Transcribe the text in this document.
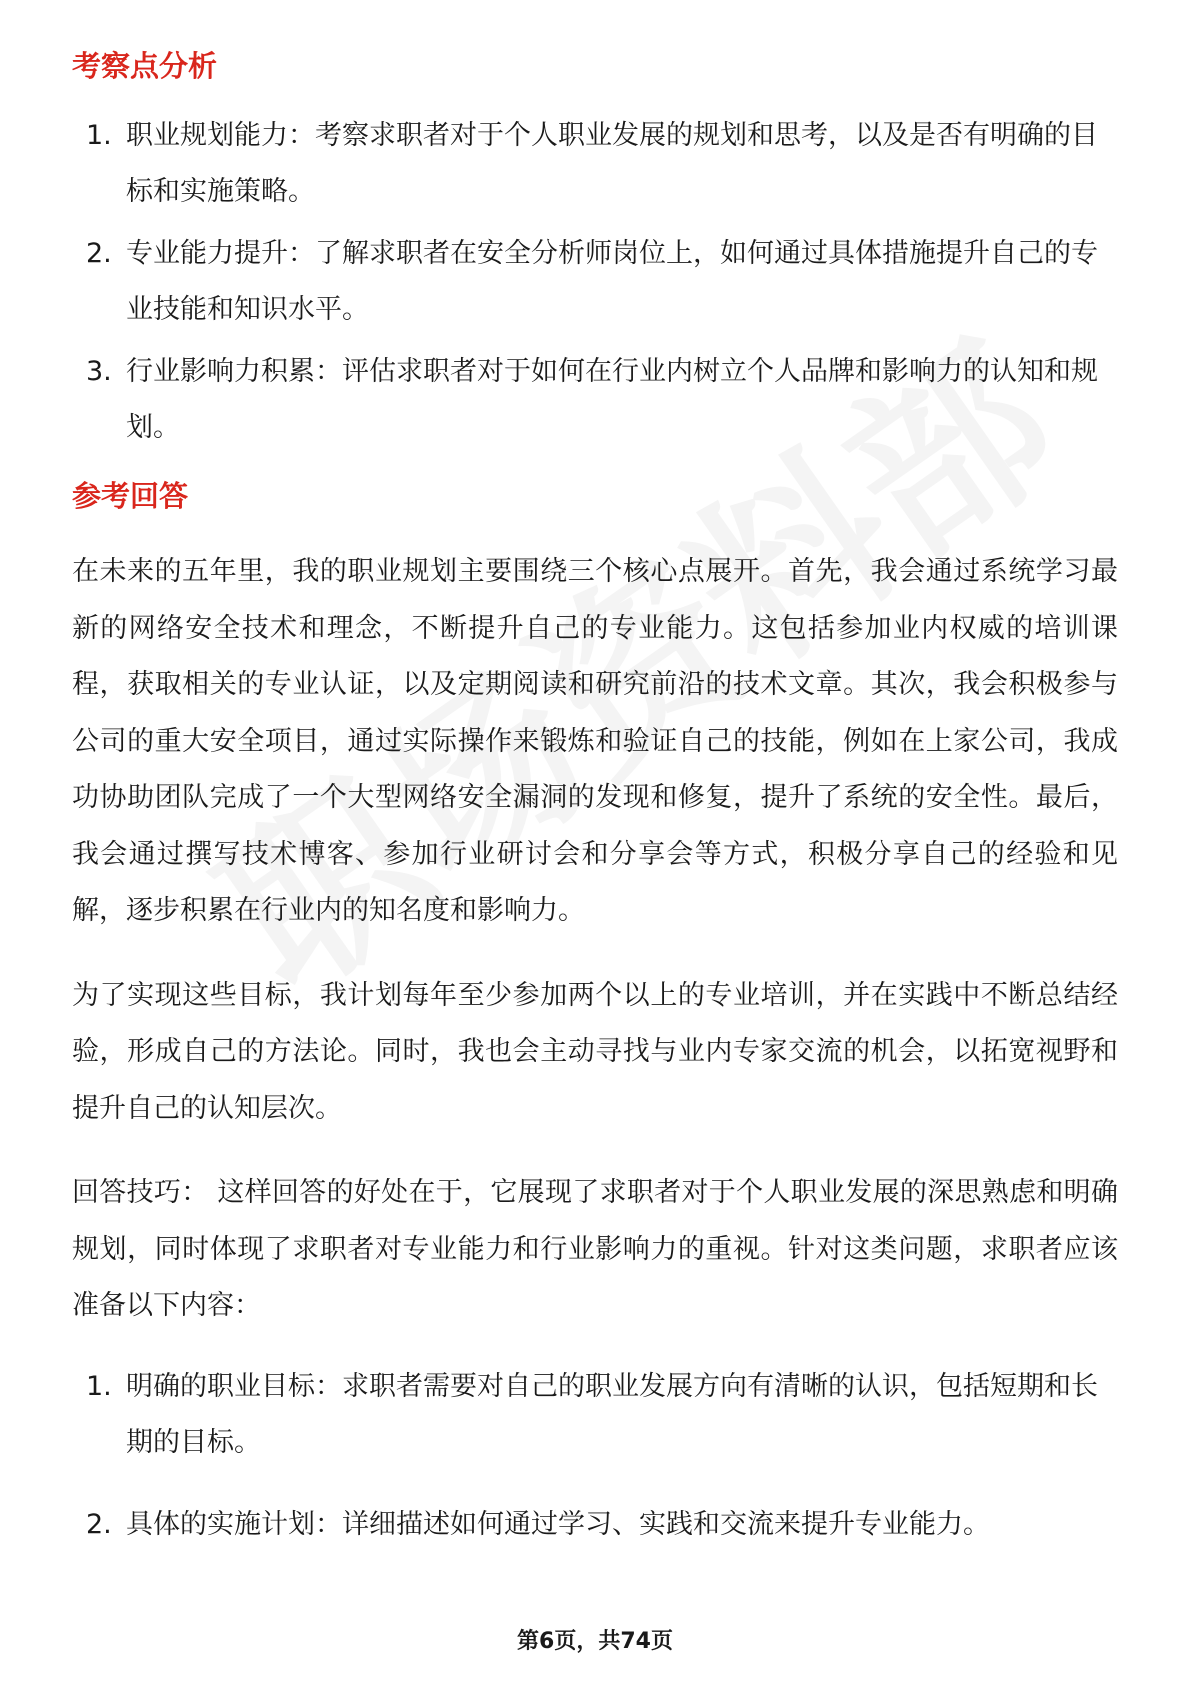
考察点分析
1. 职业规划能力：考察求职者对于个人职业发展的规划和思考，以及是否有明确的目标和实施策略。
2. 专业能力提升：了解求职者在安全分析师岗位上，如何通过具体措施提升自己的专业技能和知识水平。
3. 行业影响力积累：评估求职者对于如何在行业内树立个人品牌和影响力的认知和规划。
参考回答

在未来的五年里，我的职业规划主要围绕三个核心点展开。首先，我会通过系统学习最新的网络安全技术和理念，不断提升自己的专业能力。这包括参加业内权威的培训课程，获取相关的专业认证，以及定期阅读和研究前沿的技术文章。其次，我会积极参与公司的重大安全项目，通过实际操作来锻炼和验证自己的技能，例如在上家公司，我成功协助团队完成了一个大型网络安全漏洞的发现和修复，提升了系统的安全性。最后，我会通过撰写技术博客、参加行业研讨会和分享会等方式，积极分享自己的经验和见解，逐步积累在行业内的知名度和影响力。

为了实现这些目标，我计划每年至少参加两个以上的专业培训，并在实践中不断总结经验，形成自己的方法论。同时，我也会主动寻找与业内专家交流的机会，以拓宽视野和提升自己的认知层次。

回答技巧： 这样回答的好处在于，它展现了求职者对于个人职业发展的深思熟虑和明确规划，同时体现了求职者对专业能力和行业影响力的重视。针对这类问题，求职者应该准备以下内容：

1. 明确的职业目标：求职者需要对自己的职业发展方向有清晰的认识，包括短期和长期的目标。
2. 具体的实施计划：详细描述如何通过学习、实践和交流来提升专业能力。
第6页，共74页
